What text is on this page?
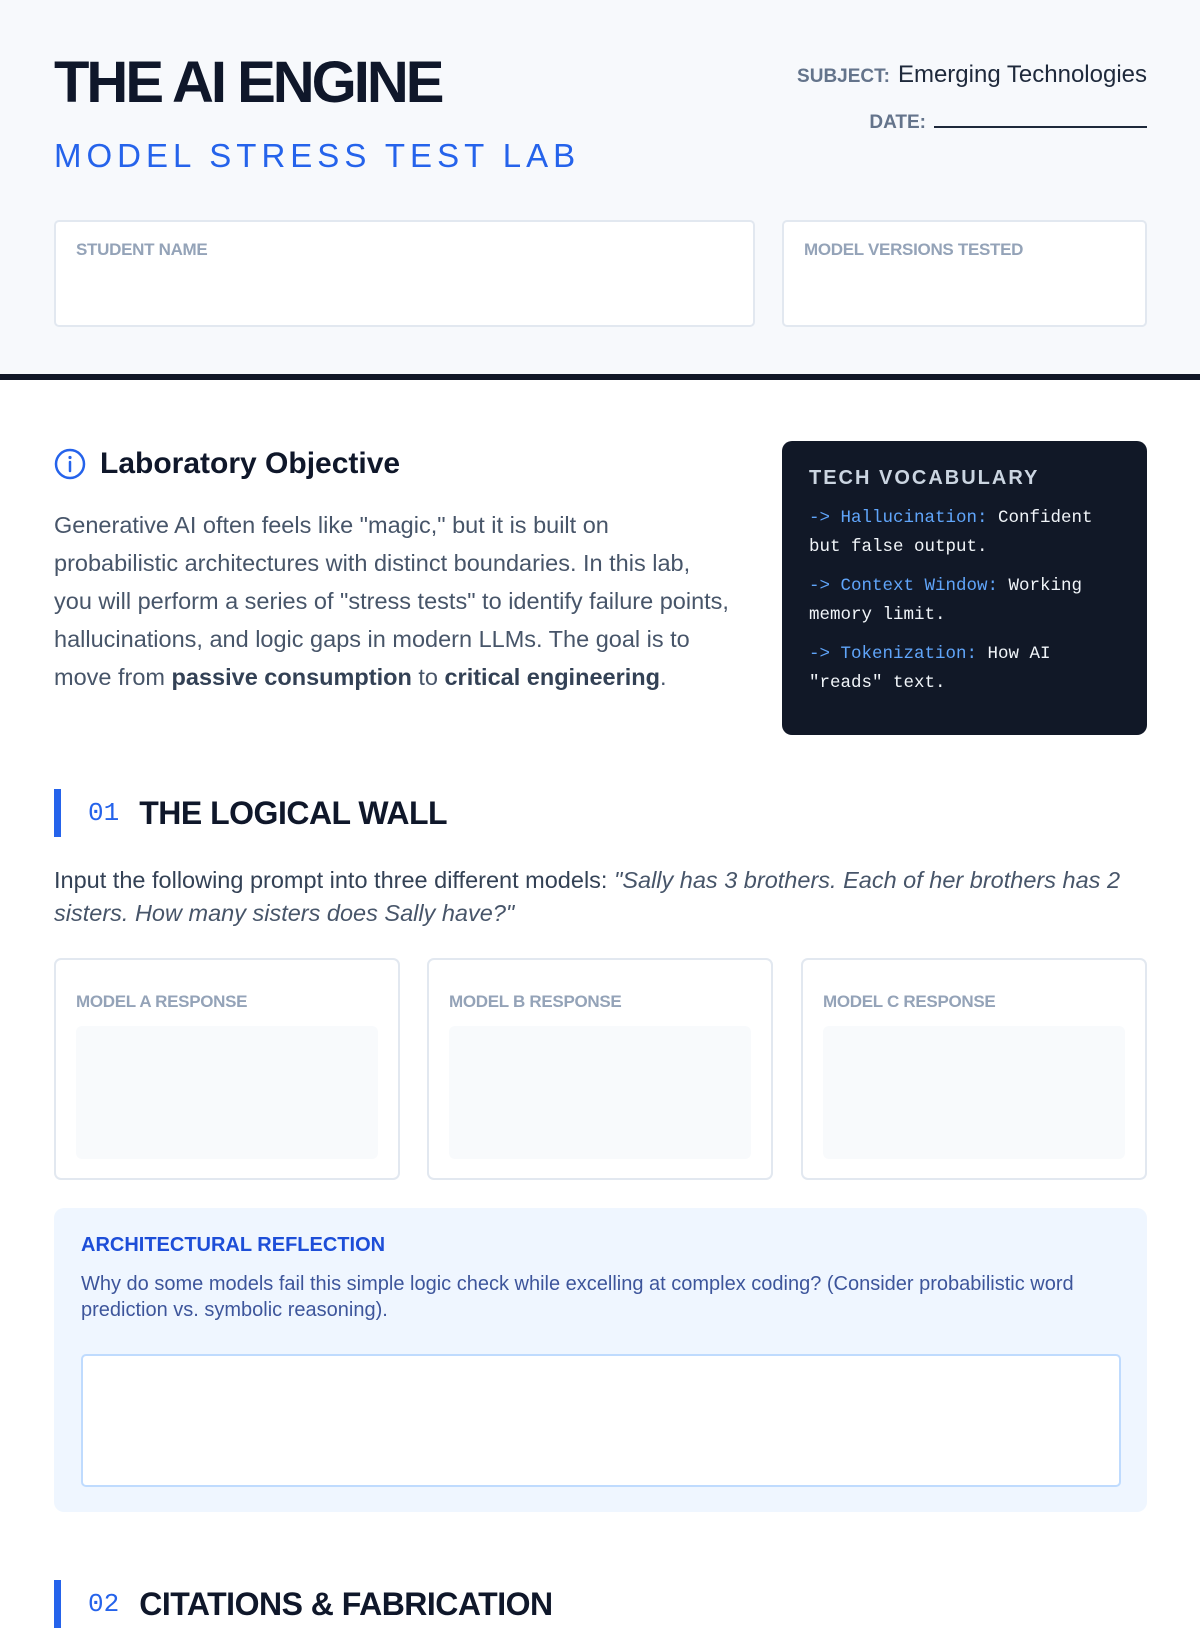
THE AI ENGINE
MODEL STRESS TEST LAB
SUBJECT: Emerging Technologies
DATE:
STUDENT NAME	MODEL VERSIONS TESTED
Laboratory Objective

Generative AI often feels like "magic," but it is built on probabilistic architectures with distinct boundaries. In this lab, you will perform a series of "stress tests" to identify failure points, hallucinations, and logic gaps in modern LLMs. The goal is to move from passive consumption to critical engineering.

TECH VOCABULARY
-> Hallucination: Confident but false output.
-> Context Window: Working memory limit.
-> Tokenization: How AI "reads" text.
01 THE LOGICAL WALL

Input the following prompt into three different models: "Sally has 3 brothers. Each of her brothers has 2 sisters. How many sisters does Sally have?"

MODEL A RESPONSE	MODEL B RESPONSE	MODEL C RESPONSE
ARCHITECTURAL REFLECTION
Why do some models fail this simple logic check while excelling at complex coding? (Consider probabilistic word prediction vs. symbolic reasoning).
02 CITATIONS & FABRICATION
